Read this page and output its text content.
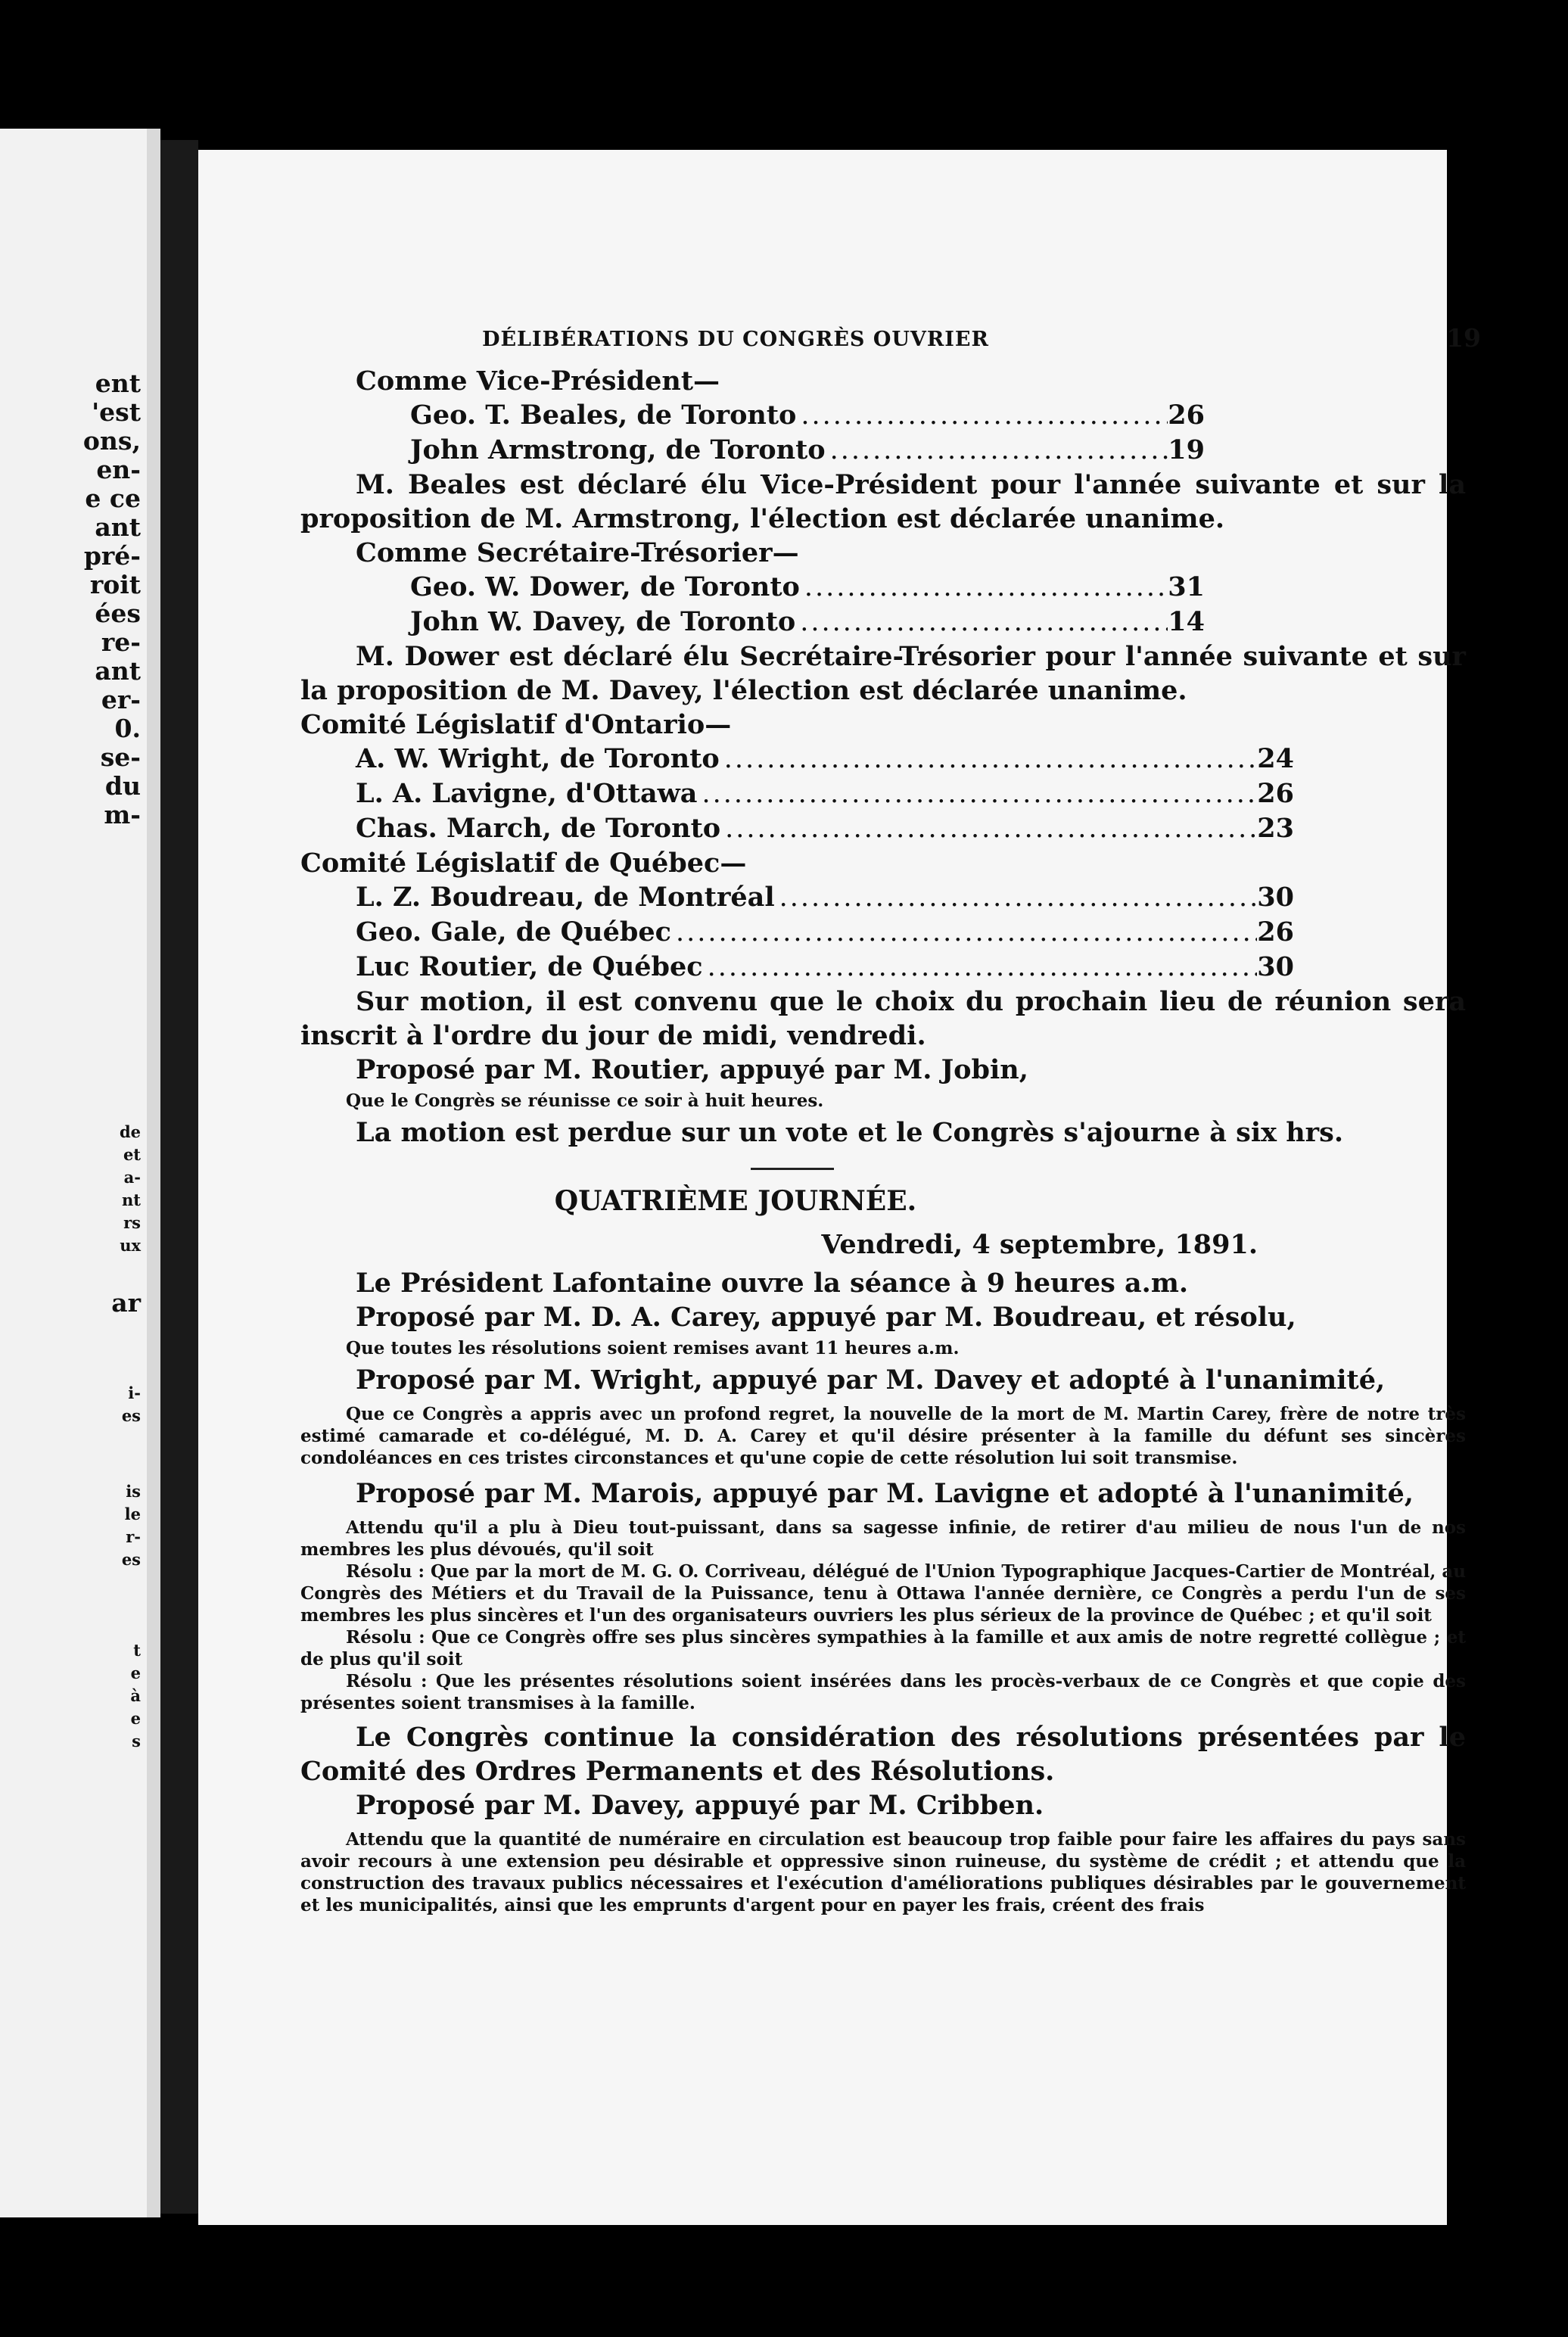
ent
'est
ons,
en-
e ce
ant
pré-
roit
ées
re-
ant
er-
0.
se-
du
m-
de
et
a-
nt
rs
ux
ar
i-
es
is
le
r-
es
t
e
à
e
s
DÉLIBÉRATIONS DU CONGRÈS OUVRIER	19

Comme Vice-Président—

Geo. T. Beales, de Toronto .....	26
John Armstrong, de Toronto .....	19

M. Beales est déclaré élu Vice-Président pour l'année suivante et sur la proposition de M. Armstrong, l'élection est déclarée unanime.

Comme Secrétaire-Trésorier—

Geo. W. Dower, de Toronto .....	31
John W. Davey, de Toronto .....	14

M. Dower est déclaré élu Secrétaire-Trésorier pour l'année suivante et sur la proposition de M. Davey, l'élection est déclarée unanime.

Comité Législatif d'Ontario—

A. W. Wright, de Toronto .....	24
L. A. Lavigne, d'Ottawa .....	26
Chas. March, de Toronto .....	23

Comité Législatif de Québec—

L. Z. Boudreau, de Montréal .....	30
Geo. Gale, de Québec .....	26
Luc Routier, de Québec .....	30

Sur motion, il est convenu que le choix du prochain lieu de réunion sera inscrit à l'ordre du jour de midi, vendredi.

Proposé par M. Routier, appuyé par M. Jobin,

Que le Congrès se réunisse ce soir à huit heures.

La motion est perdue sur un vote et le Congrès s'ajourne à six hrs.

QUATRIÈME JOURNÉE.

Vendredi, 4 septembre, 1891.

Le Président Lafontaine ouvre la séance à 9 heures a.m.

Proposé par M. D. A. Carey, appuyé par M. Boudreau, et résolu,

Que toutes les résolutions soient remises avant 11 heures a.m.

Proposé par M. Wright, appuyé par M. Davey et adopté à l'unanimité,

Que ce Congrès a appris avec un profond regret, la nouvelle de la mort de M. Martin Carey, frère de notre très estimé camarade et co-délégué, M. D. A. Carey et qu'il désire présenter à la famille du défunt ses sincères condoléances en ces tristes circonstances et qu'une copie de cette résolution lui soit transmise.

Proposé par M. Marois, appuyé par M. Lavigne et adopté à l'unanimité,

Attendu qu'il a plu à Dieu tout-puissant, dans sa sagesse infinie, de retirer d'au milieu de nous l'un de nos membres les plus dévoués, qu'il soit

Résolu : Que par la mort de M. G. O. Corriveau, délégué de l'Union Typographique Jacques-Cartier de Montréal, au Congrès des Métiers et du Travail de la Puissance, tenu à Ottawa l'année dernière, ce Congrès a perdu l'un de ses membres les plus sincères et l'un des organisateurs ouvriers les plus sérieux de la province de Québec ; et qu'il soit

Résolu : Que ce Congrès offre ses plus sincères sympathies à la famille et aux amis de notre regretté collègue ; et de plus qu'il soit

Résolu : Que les présentes résolutions soient insérées dans les procès-verbaux de ce Congrès et que copie des présentes soient transmises à la famille.

Le Congrès continue la considération des résolutions présentées par le Comité des Ordres Permanents et des Résolutions.

Proposé par M. Davey, appuyé par M. Cribben.

Attendu que la quantité de numéraire en circulation est beaucoup trop faible pour faire les affaires du pays sans avoir recours à une extension peu désirable et oppressive sinon ruineuse, du système de crédit ; et attendu que la construction des travaux publics nécessaires et l'exécution d'améliorations publiques désirables par le gouvernement et les municipalités, ainsi que les emprunts d'argent pour en payer les frais, créent des frais
